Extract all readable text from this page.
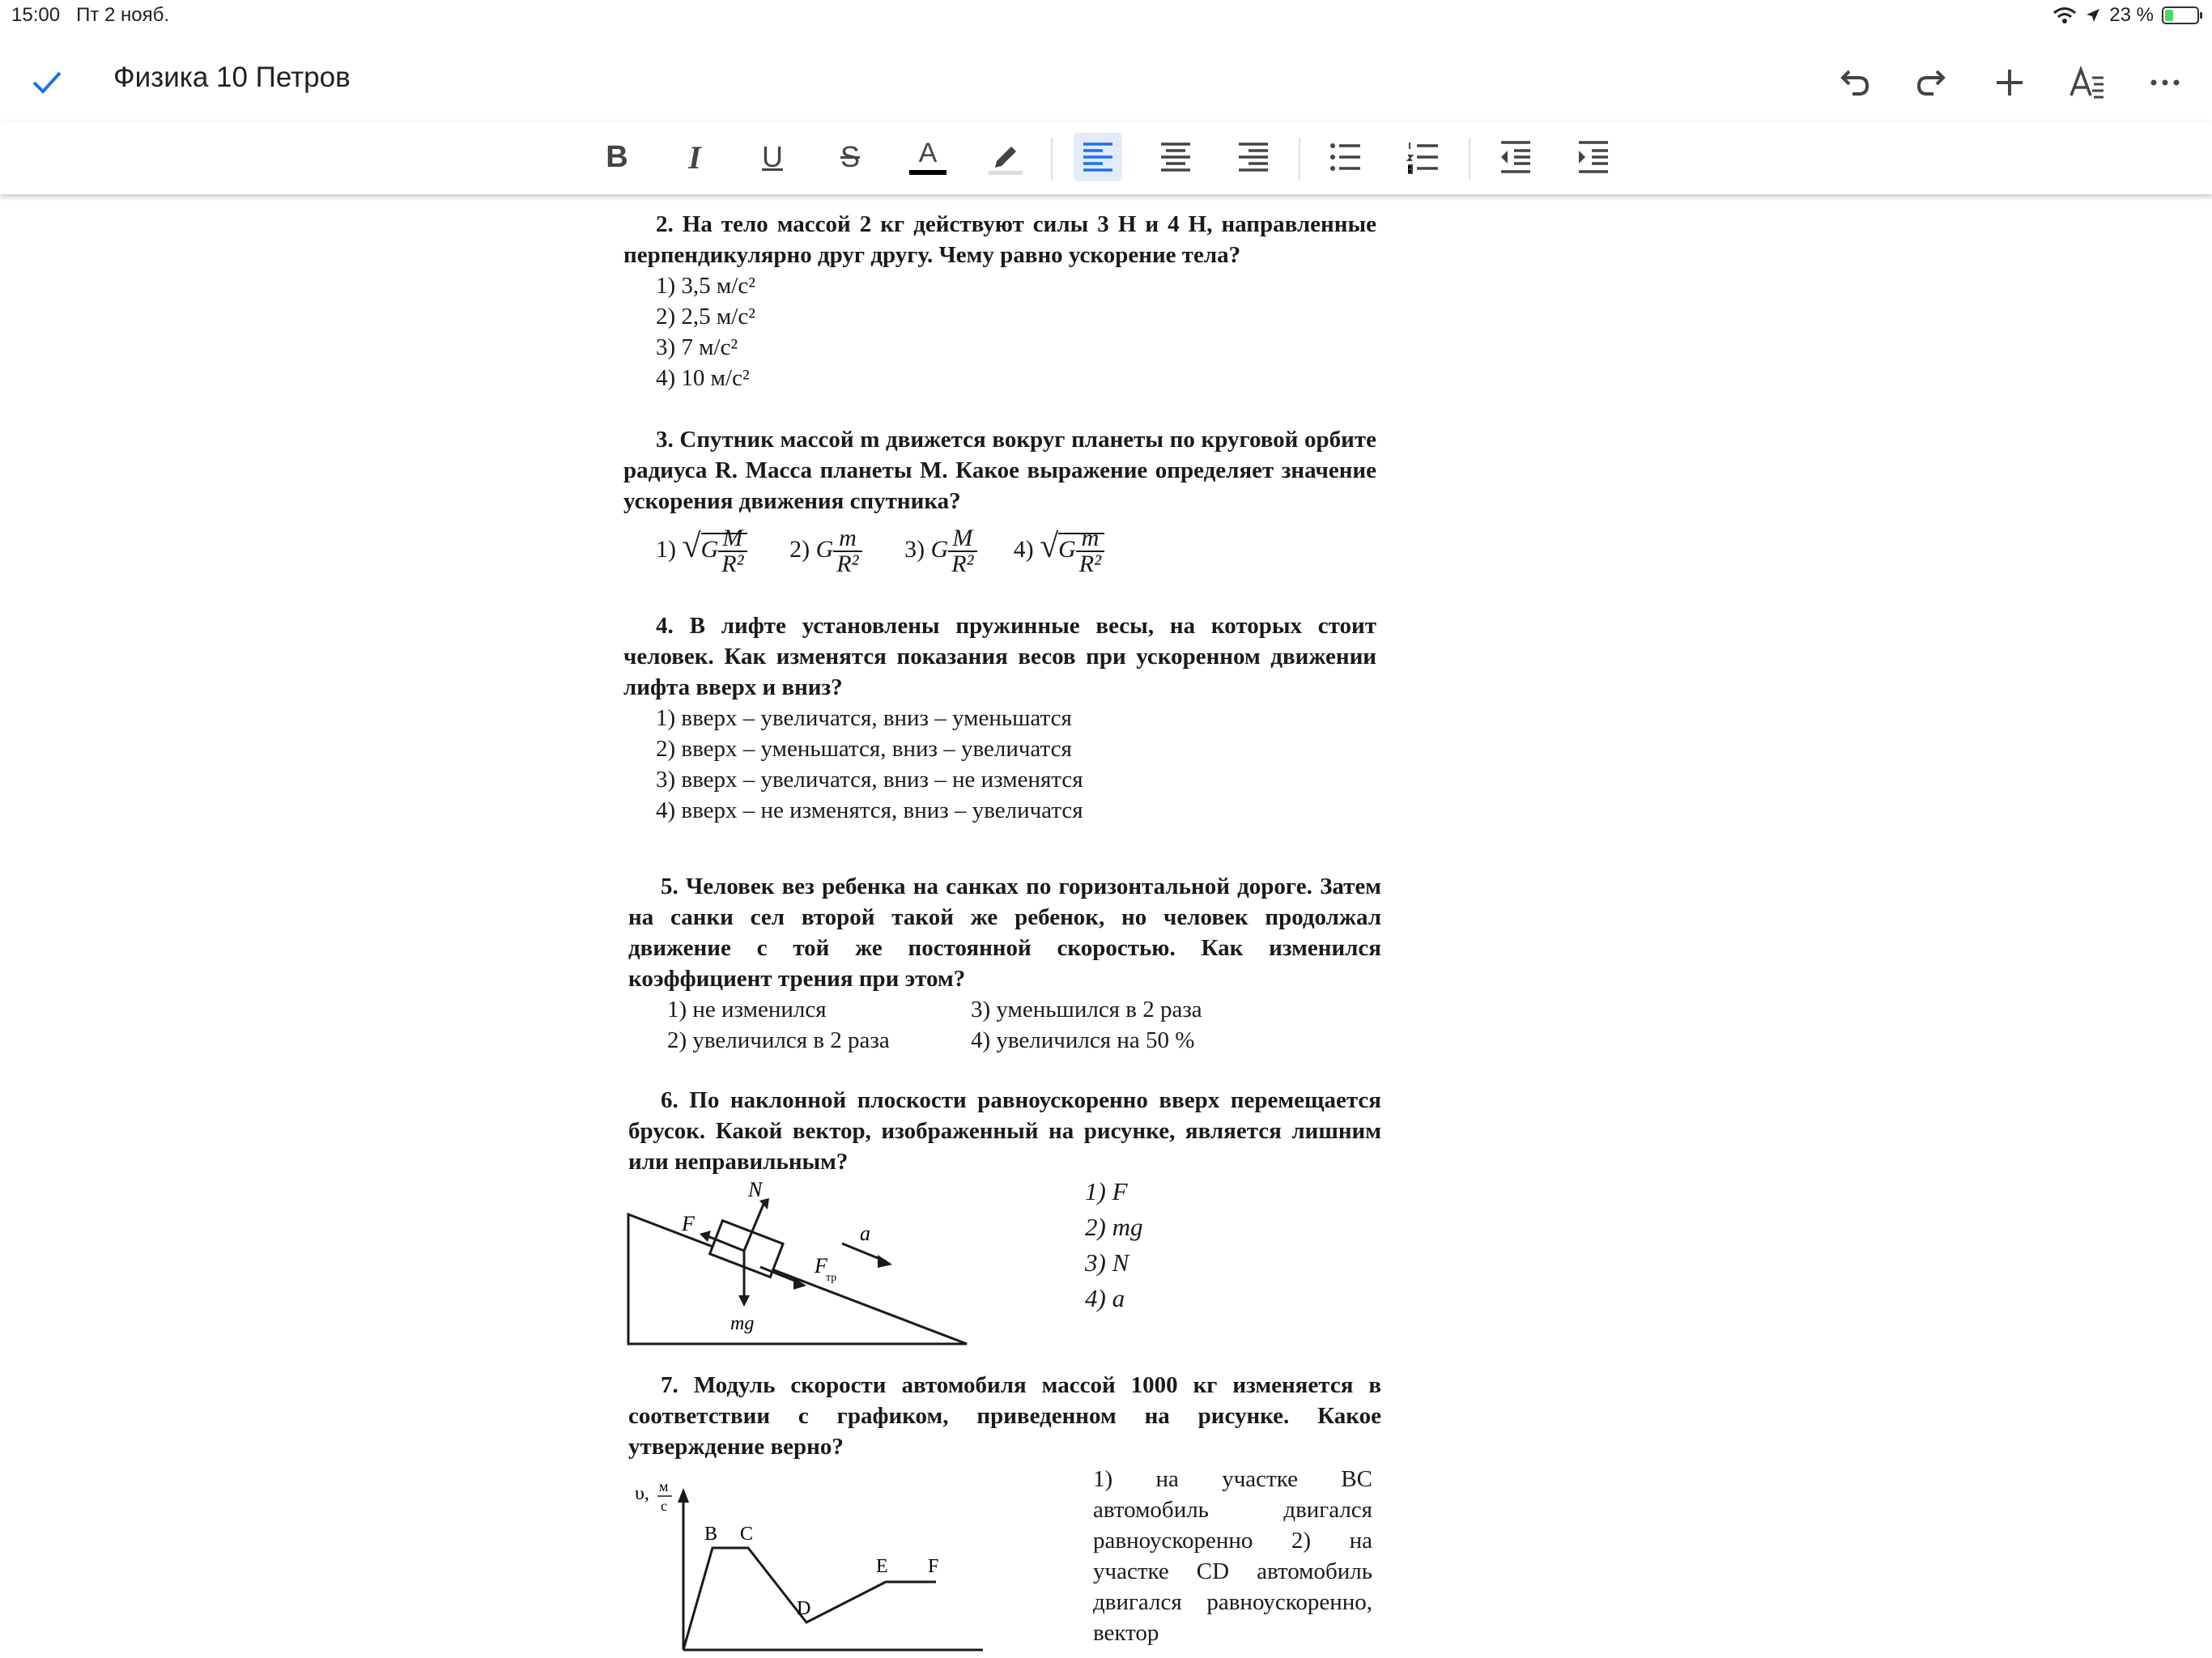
15:00 Пт 2 нояб.	23 %
Физика 10 Петров
B I U S A
2. На тело массой 2 кг действуют силы 3 Н и 4 Н, направленные перпендикулярно друг другу. Чему равно ускорение тела?
1) 3,5 м/с²
2) 2,5 м/с²
3) 7 м/с²
4) 10 м/с²
3. Спутник массой m движется вокруг планеты по круговой орбите радиуса R. Масса планеты M. Какое выражение определяет значение ускорения движения спутника?
1) $√G \frac{M}{\text{R²}} 2$) G $\frac{m}{\text{R²}} 3$) G $\frac{M}{\text{R²}} 4$) $√G \frac{m}{\text{R²}}$
4. В лифте установлены пружинные весы, на которых стоит человек. Как изменятся показания весов при ускоренном движении лифта вверх и вниз?
1) вверх – увеличатся, вниз – уменьшатся
2) вверх – уменьшатся, вниз – увеличатся
3) вверх – увеличатся, вниз – не изменятся
4) вверх – не изменятся, вниз – увеличатся
5. Человек вез ребенка на санках по горизонтальной дороге. Затем на санки сел второй такой же ребенок, но человек продолжал движение с той же постоянной скоростью. Как изменился коэффициент трения при этом?
1) не изменился	3) уменьшился в 2 раза
2) увеличился в 2 раза	4) увеличился на 50 %
6. По наклонной плоскости равноускоренно вверх перемещается брусок. Какой вектор, изображенный на рисунке, является лишним или неправильным?
F
N
a
F
тр
mg
1) F⃗
2) mg⃗
3) N⃗
4) a⃗
7. Модуль скорости автомобиля массой 1000 кг изменяется в соответствии с графиком, приведенном на рисунке. Какое утверждение верно?
υ, м
с
B C
D
E F
1) на участке BC автомобиль двигался равноускоренно 2) на участке CD автомобиль двигался равноускоренно, вектор
